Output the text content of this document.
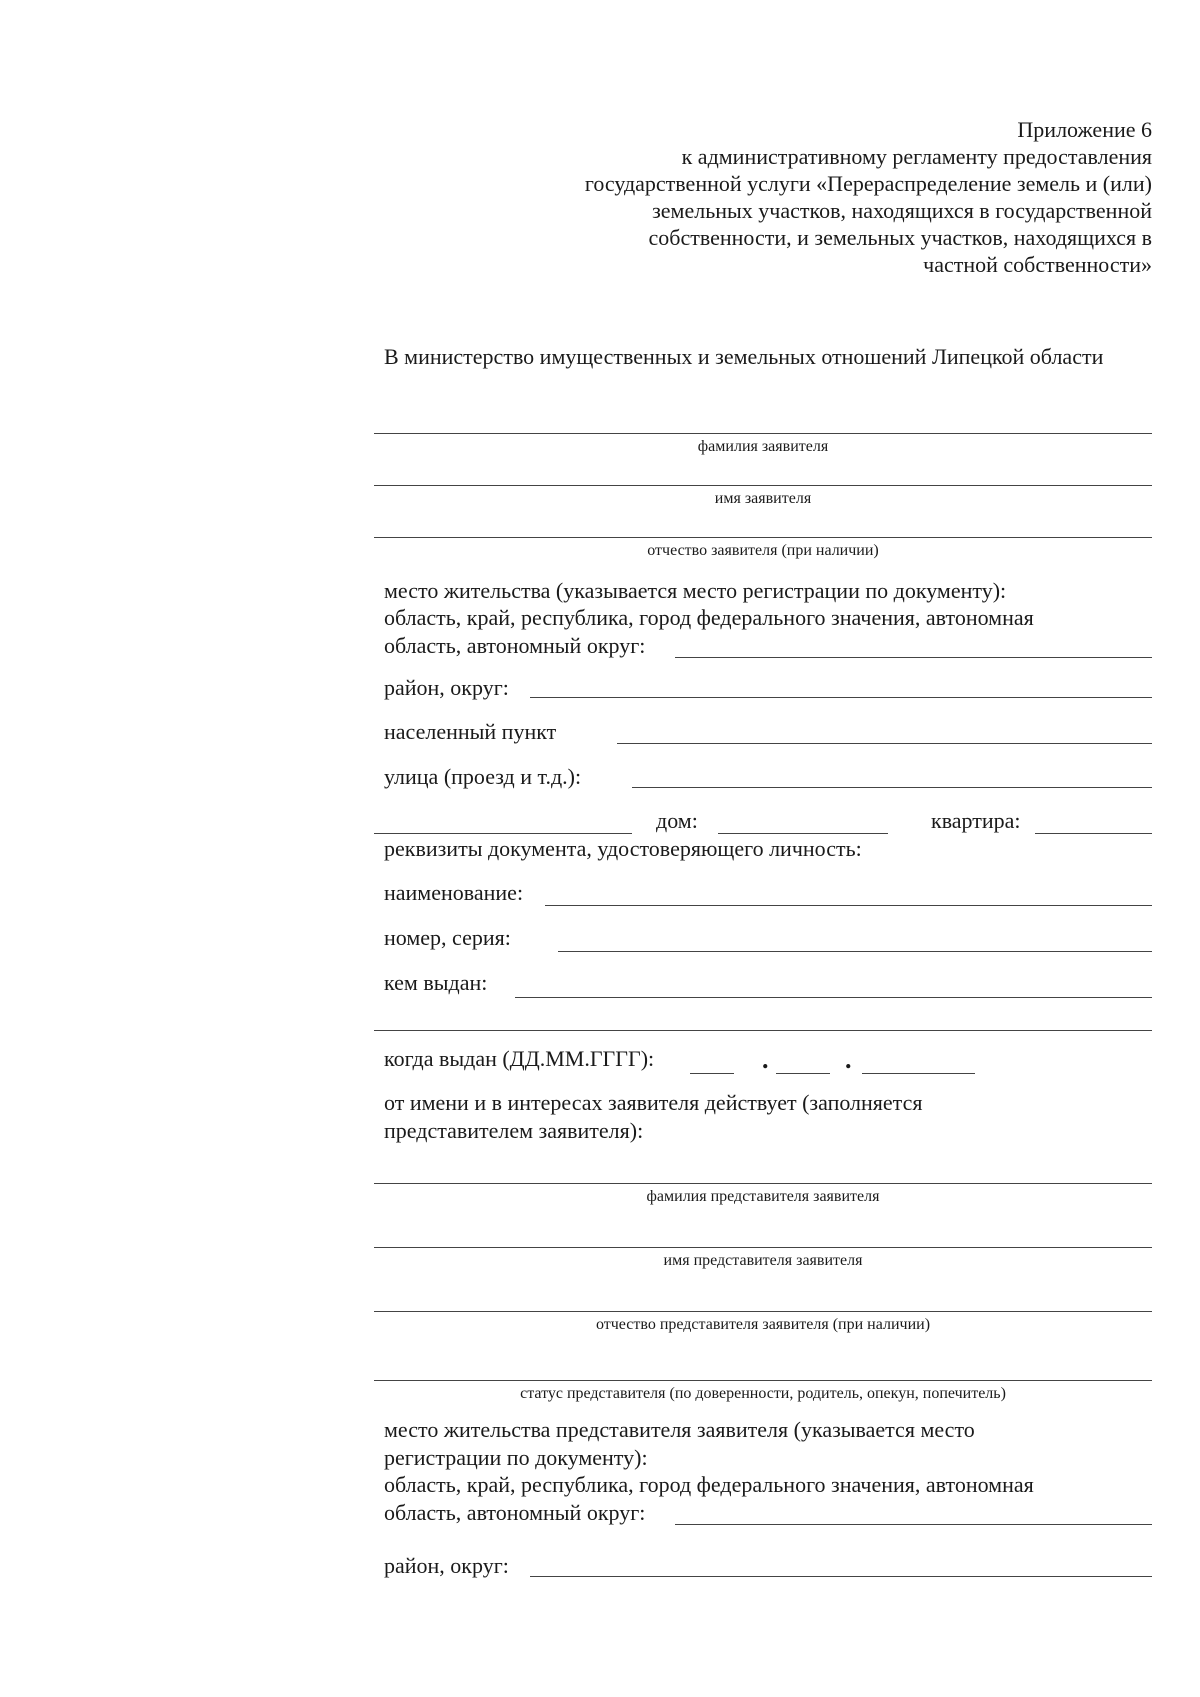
Приложение 6
к административному регламенту предоставления
государственной услуги «Перераспределение земель и (или)
земельных участков, находящихся в государственной
собственности, и земельных участков, находящихся в
частной собственности»
В министерство имущественных и земельных отношений Липецкой области
фамилия заявителя
имя заявителя
отчество заявителя (при наличии)
место жительства (указывается место регистрации по документу):
область, край, республика, город федерального значения, автономная
область, автономный округ:
район, округ:
населенный пункт
улица (проезд и т.д.):
дом:	квартира:
реквизиты документа, удостоверяющего личность:
наименование:
номер, серия:
кем выдан:
когда выдан (ДД.ММ.ГГГГ):	.	.
от имени и в интересах заявителя действует (заполняется
представителем заявителя):
фамилия представителя заявителя
имя представителя заявителя
отчество представителя заявителя (при наличии)
статус представителя (по доверенности, родитель, опекун, попечитель)
место жительства представителя заявителя (указывается место
регистрации по документу):
oбласть, край, республика, город федерального значения, автономная
область, автономный округ:
район, округ:
